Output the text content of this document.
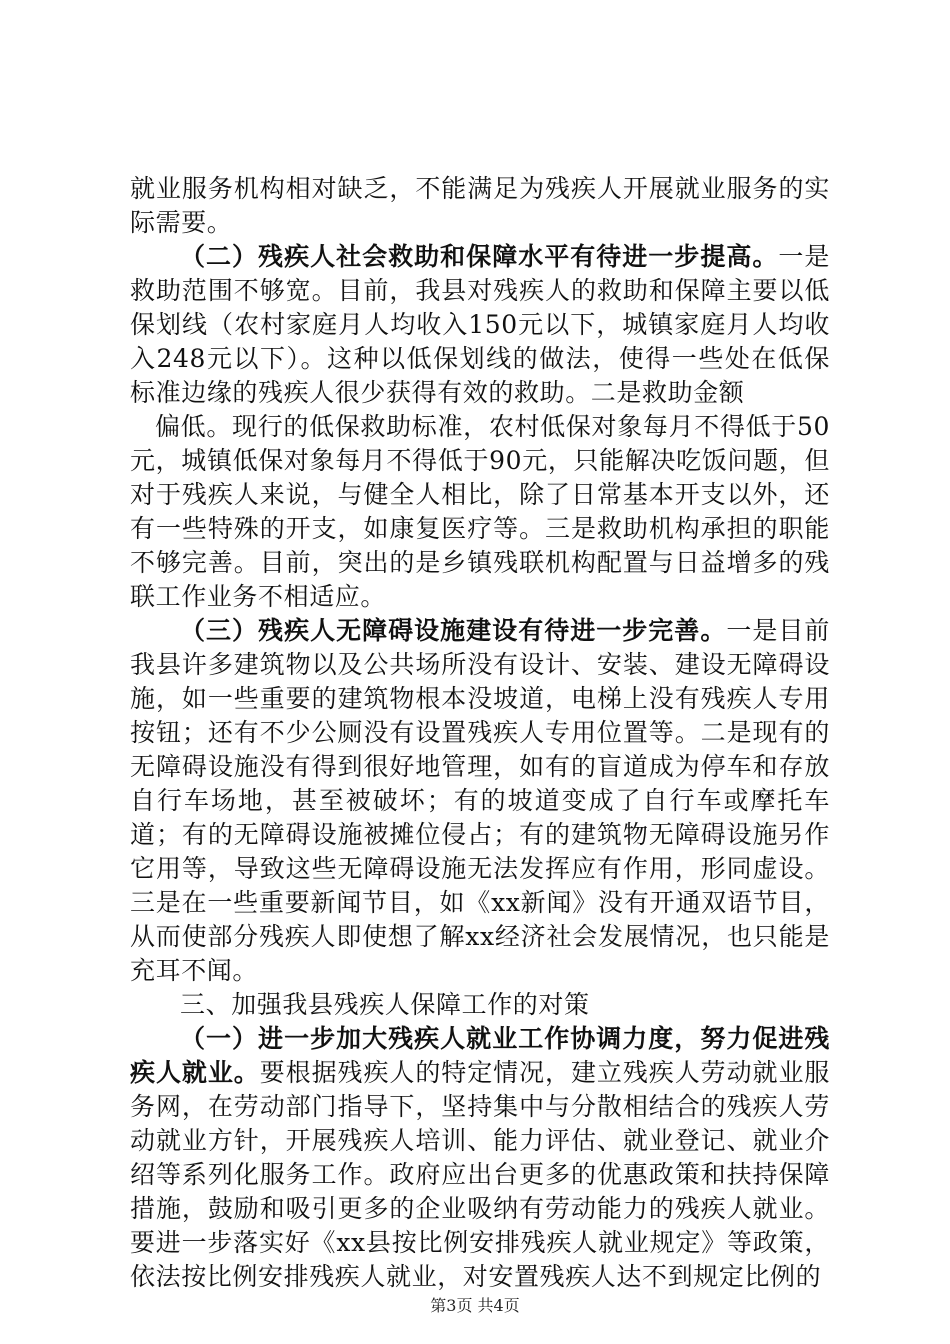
就业服务机构相对缺乏，不能满足为残疾人开展就业服务的实际需要。

（二）残疾人社会救助和保障水平有待进一步提高。一是救助范围不够宽。目前，我县对残疾人的救助和保障主要以低保划线（农村家庭月人均收入150元以下，城镇家庭月人均收入248元以下）。这种以低保划线的做法，使得一些处在低保标准边缘的残疾人很少获得有效的救助。二是救助金额

偏低。现行的低保救助标准，农村低保对象每月不得低于50元，城镇低保对象每月不得低于90元，只能解决吃饭问题，但对于残疾人来说，与健全人相比，除了日常基本开支以外，还有一些特殊的开支，如康复医疗等。三是救助机构承担的职能不够完善。目前，突出的是乡镇残联机构配置与日益增多的残联工作业务不相适应。

（三）残疾人无障碍设施建设有待进一步完善。一是目前我县许多建筑物以及公共场所没有设计、安装、建设无障碍设施，如一些重要的建筑物根本没坡道，电梯上没有残疾人专用按钮；还有不少公厕没有设置残疾人专用位置等。二是现有的无障碍设施没有得到很好地管理，如有的盲道成为停车和存放自行车场地，甚至被破坏；有的坡道变成了自行车或摩托车道；有的无障碍设施被摊位侵占；有的建筑物无障碍设施另作它用等，导致这些无障碍设施无法发挥应有作用，形同虚设。三是在一些重要新闻节目，如《xx新闻》没有开通双语节目，从而使部分残疾人即使想了解xx经济社会发展情况，也只能是充耳不闻。

三、加强我县残疾人保障工作的对策

（一）进一步加大残疾人就业工作协调力度，努力促进残疾人就业。要根据残疾人的特定情况，建立残疾人劳动就业服务网，在劳动部门指导下，坚持集中与分散相结合的残疾人劳动就业方针，开展残疾人培训、能力评估、就业登记、就业介绍等系列化服务工作。政府应出台更多的优惠政策和扶持保障措施，鼓励和吸引更多的企业吸纳有劳动能力的残疾人就业。要进一步落实好《xx县按比例安排残疾人就业规定》等政策，依法按比例安排残疾人就业，对安置残疾人达不到规定比例的

第3页 共4页
